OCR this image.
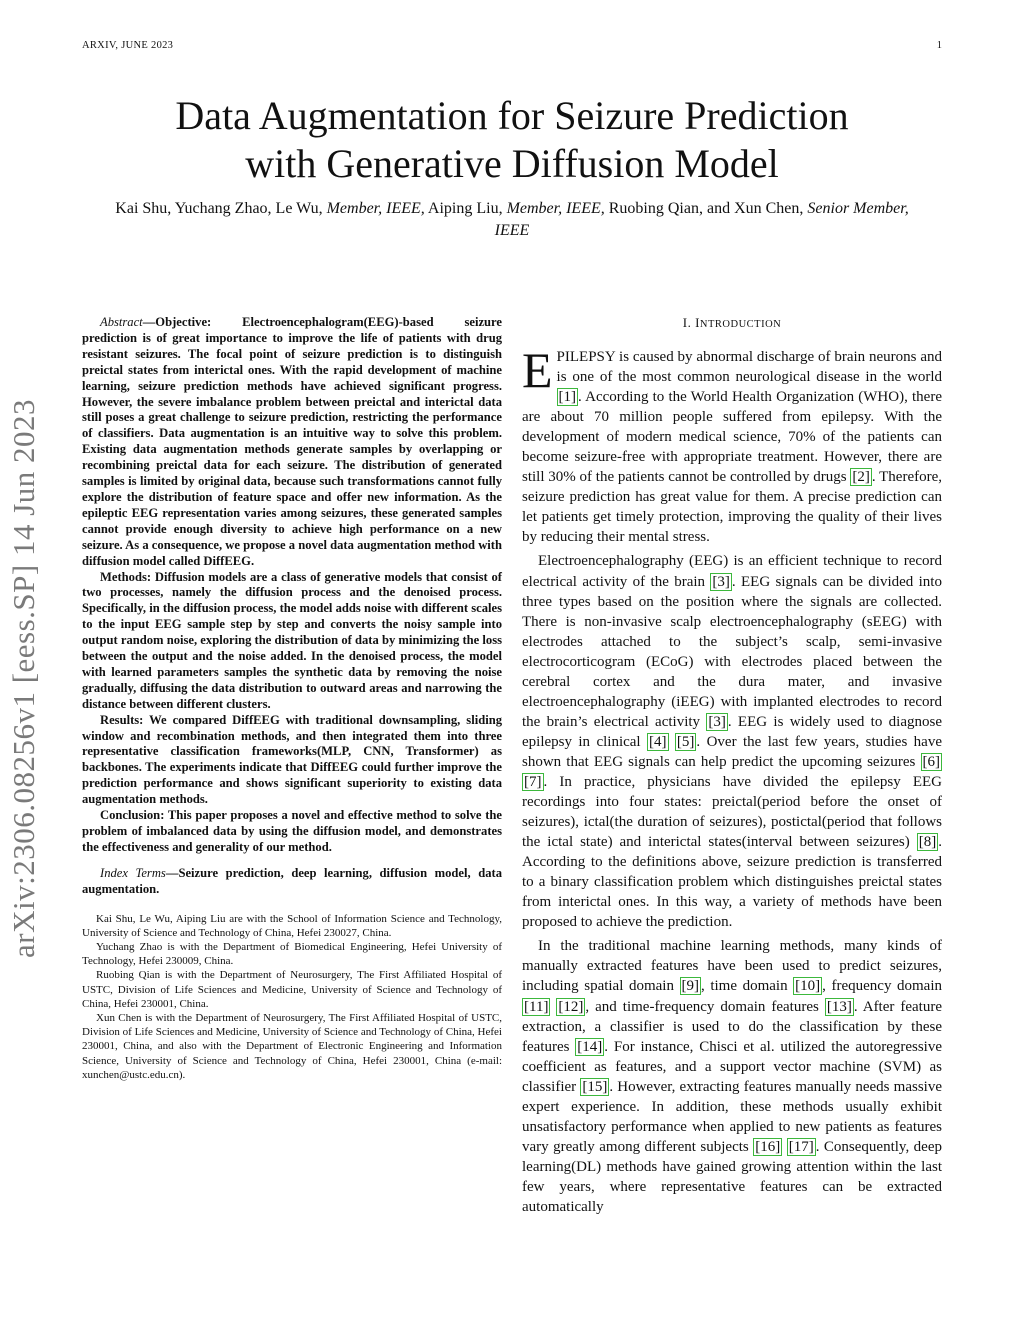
ARXIV, JUNE 2023	1
arXiv:2306.08256v1 [eess.SP] 14 Jun 2023
Data Augmentation for Seizure Prediction
with Generative Diffusion Model
Kai Shu, Yuchang Zhao, Le Wu, Member, IEEE, Aiping Liu, Member, IEEE, Ruobing Qian, and Xun Chen, Senior Member, IEEE

Abstract—Objective: Electroencephalogram(EEG)-based seizure prediction is of great importance to improve the life of patients with drug resistant seizures. The focal point of seizure prediction is to distinguish preictal states from interictal ones. With the rapid development of machine learning, seizure prediction methods have achieved significant progress. However, the severe imbalance problem between preictal and interictal data still poses a great challenge to seizure prediction, restricting the performance of classifiers. Data augmentation is an intuitive way to solve this problem. Existing data augmentation methods generate samples by overlapping or recombining preictal data for each seizure. The distribution of generated samples is limited by original data, because such transformations cannot fully explore the distribution of feature space and offer new information. As the epileptic EEG representation varies among seizures, these generated samples cannot provide enough diversity to achieve high performance on a new seizure. As a consequence, we propose a novel data augmentation method with diffusion model called DiffEEG.

Methods: Diffusion models are a class of generative models that consist of two processes, namely the diffusion process and the denoised process. Specifically, in the diffusion process, the model adds noise with different scales to the input EEG sample step by step and converts the noisy sample into output random noise, exploring the distribution of data by minimizing the loss between the output and the noise added. In the denoised process, the model with learned parameters samples the synthetic data by removing the noise gradually, diffusing the data distribution to outward areas and narrowing the distance between different clusters.

Results: We compared DiffEEG with traditional downsampling, sliding window and recombination methods, and then integrated them into three representative classification frameworks(MLP, CNN, Transformer) as backbones. The experiments indicate that DiffEEG could further improve the prediction performance and shows significant superiority to existing data augmentation methods.

Conclusion: This paper proposes a novel and effective method to solve the problem of imbalanced data by using the diffusion model, and demonstrates the effectiveness and generality of our method.

Index Terms—Seizure prediction, deep learning, diffusion model, data augmentation.

Kai Shu, Le Wu, Aiping Liu are with the School of Information Science and Technology, University of Science and Technology of China, Hefei 230027, China.

Yuchang Zhao is with the Department of Biomedical Engineering, Hefei University of Technology, Hefei 230009, China.

Ruobing Qian is with the Department of Neurosurgery, The First Affiliated Hospital of USTC, Division of Life Sciences and Medicine, University of Science and Technology of China, Hefei 230001, China.

Xun Chen is with the Department of Neurosurgery, The First Affiliated Hospital of USTC, Division of Life Sciences and Medicine, University of Science and Technology of China, Hefei 230001, China, and also with the Department of Electronic Engineering and Information Science, University of Science and Technology of China, Hefei 230001, China (e-mail: xunchen@ustc.edu.cn).

I. INTRODUCTION

EPILEPSY is caused by abnormal discharge of brain neurons and is one of the most common neurological disease in the world [1] . According to the World Health Organization (WHO), there are about 70 million people suffered from epilepsy. With the development of modern medical science, 70% of the patients can become seizure-free with appropriate treatment. However, there are still 30% of the patients cannot be controlled by drugs [2] . Therefore, seizure prediction has great value for them. A precise prediction can let patients get timely protection, improving the quality of their lives by reducing their mental stress.

Electroencephalography (EEG) is an efficient technique to record electrical activity of the brain [3] . EEG signals can be divided into three types based on the position where the signals are collected. There is non-invasive scalp electroencephalography (sEEG) with electrodes attached to the subject’s scalp, semi-invasive electrocorticogram (ECoG) with electrodes placed between the cerebral cortex and the dura mater, and invasive electroencephalography (iEEG) with implanted electrodes to record the brain’s electrical activity [3] . EEG is widely used to diagnose epilepsy in clinical [4] [5] . Over the last few years, studies have shown that EEG signals can help predict the upcoming seizures [6] [7] . In practice, physicians have divided the epilepsy EEG recordings into four states: preictal(period before the onset of seizures), ictal(the duration of seizures), postictal(period that follows the ictal state) and interictal states(interval between seizures) [8] . According to the definitions above, seizure prediction is transferred to a binary classification problem which distinguishes preictal states from interictal ones. In this way, a variety of methods have been proposed to achieve the prediction.

In the traditional machine learning methods, many kinds of manually extracted features have been used to predict seizures, including spatial domain [9] , time domain [10] , frequency domain [11] [12] , and time-frequency domain features [13] . After feature extraction, a classifier is used to do the classification by these features [14] . For instance, Chisci et al. utilized the autoregressive coefficient as features, and a support vector machine (SVM) as classifier [15] . However, extracting features manually needs massive expert experience. In addition, these methods usually exhibit unsatisfactory performance when applied to new patients as features vary greatly among different subjects [16] [17] . Consequently, deep learning(DL) methods have gained growing attention within the last few years, where representative features can be extracted automatically
